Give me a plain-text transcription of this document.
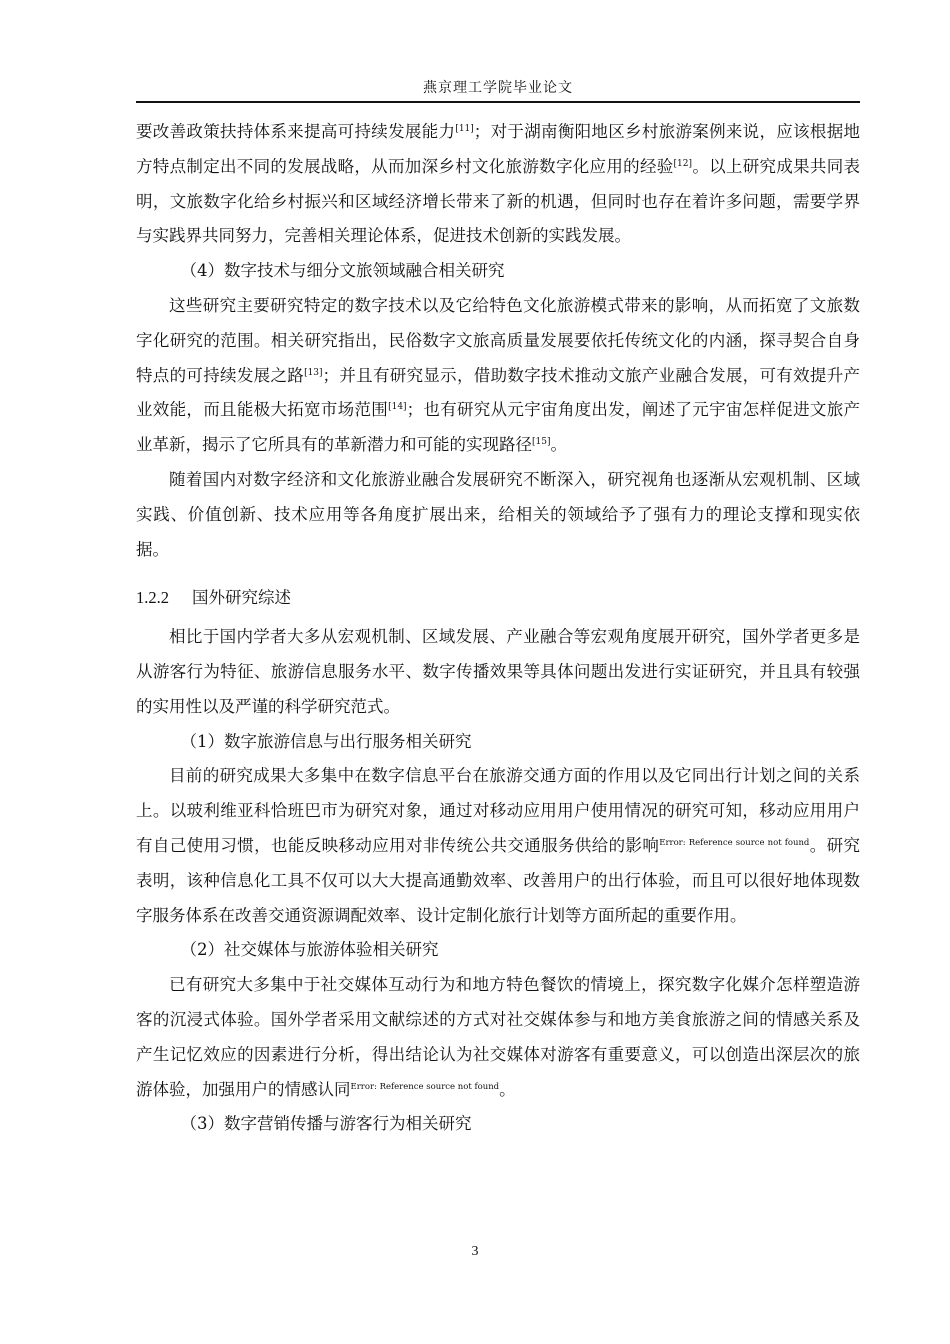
燕京理工学院毕业论文

要改善政策扶持体系来提高可持续发展能力[11]；对于湖南衡阳地区乡村旅游案例来说，应该根据地方特点制定出不同的发展战略，从而加深乡村文化旅游数字化应用的经验[12]。以上研究成果共同表明，文旅数字化给乡村振兴和区域经济增长带来了新的机遇，但同时也存在着许多问题，需要学界与实践界共同努力，完善相关理论体系，促进技术创新的实践发展。

（4）数字技术与细分文旅领域融合相关研究

这些研究主要研究特定的数字技术以及它给特色文化旅游模式带来的影响，从而拓宽了文旅数字化研究的范围。相关研究指出，民俗数字文旅高质量发展要依托传统文化的内涵，探寻契合自身特点的可持续发展之路[13]；并且有研究显示，借助数字技术推动文旅产业融合发展，可有效提升产业效能，而且能极大拓宽市场范围[14]；也有研究从元宇宙角度出发，阐述了元宇宙怎样促进文旅产业革新，揭示了它所具有的革新潜力和可能的实现路径[15]。

随着国内对数字经济和文化旅游业融合发展研究不断深入，研究视角也逐渐从宏观机制、区域实践、价值创新、技术应用等各角度扩展出来，给相关的领域给予了强有力的理论支撑和现实依据。

1.2.2 国外研究综述

相比于国内学者大多从宏观机制、区域发展、产业融合等宏观角度展开研究，国外学者更多是从游客行为特征、旅游信息服务水平、数字传播效果等具体问题出发进行实证研究，并且具有较强的实用性以及严谨的科学研究范式。

（1）数字旅游信息与出行服务相关研究

目前的研究成果大多集中在数字信息平台在旅游交通方面的作用以及它同出行计划之间的关系上。以玻利维亚科恰班巴市为研究对象，通过对移动应用用户使用情况的研究可知，移动应用用户有自己使用习惯，也能反映移动应用对非传统公共交通服务供给的影响$^{Error: Reference source not found}$。研究表明，该种信息化工具不仅可以大大提高通勤效率、改善用户的出行体验，而且可以很好地体现数字服务体系在改善交通资源调配效率、设计定制化旅行计划等方面所起的重要作用。

（2）社交媒体与旅游体验相关研究

已有研究大多集中于社交媒体互动行为和地方特色餐饮的情境上，探究数字化媒介怎样塑造游客的沉浸式体验。国外学者采用文献综述的方式对社交媒体参与和地方美食旅游之间的情感关系及产生记忆效应的因素进行分析，得出结论认为社交媒体对游客有重要意义，可以创造出深层次的旅游体验，加强用户的情感认同$^{Error: Reference source not found}$。

（3）数字营销传播与游客行为相关研究

3
